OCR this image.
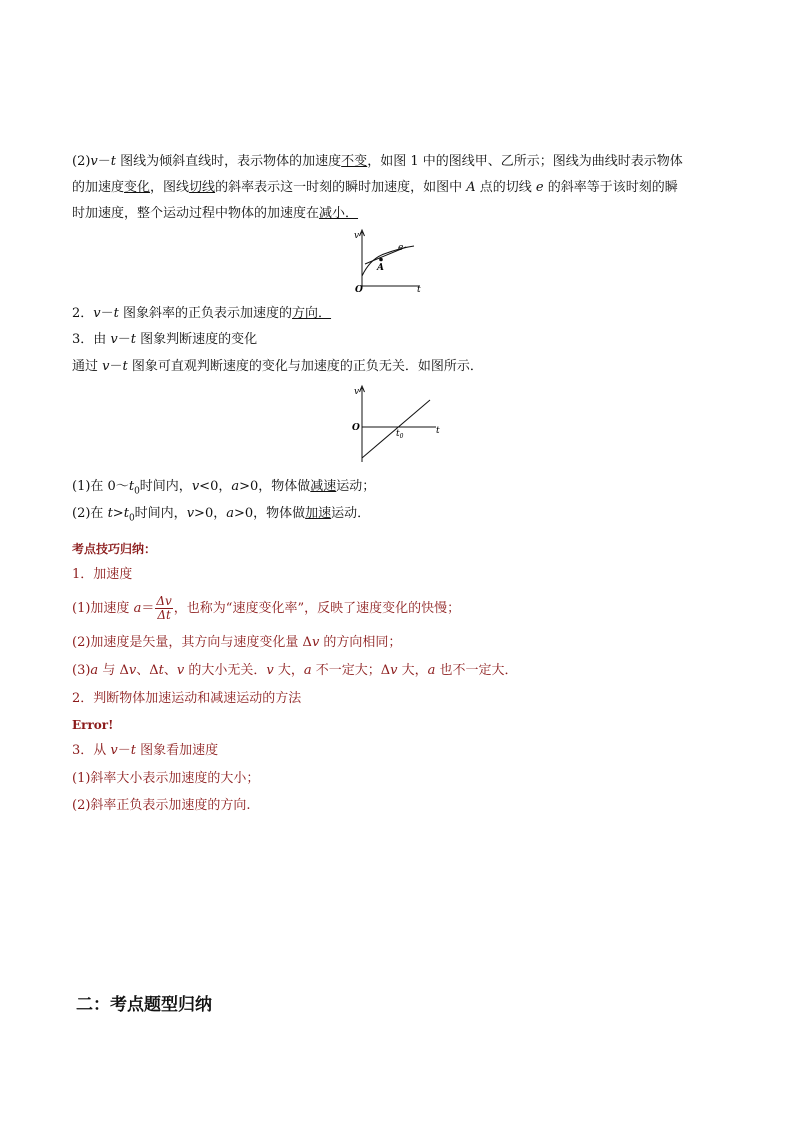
(2)v－t 图线为倾斜直线时，表示物体的加速度不变，如图 1 中的图线甲、乙所示；图线为曲线时表示物体
的加速度变化，图线切线的斜率表示这一时刻的瞬时加速度，如图中 A 点的切线 e 的斜率等于该时刻的瞬
时加速度，整个运动过程中物体的加速度在减小．
v
e
A
O	t
2．v－t 图象斜率的正负表示加速度的方向．
3．由 v－t 图象判断速度的变化
通过 v－t 图象可直观判断速度的变化与加速度的正负无关．如图所示．
v
O
$t_0$
t
(1)在 $0\sim t_0$时间内，v<0，a>0，物体做减速运动；
(2)在 $t>t_0$时间内，v>0，a>0，物体做加速运动．
考点技巧归纳：
1．加速度
(1)加速度 $a= \frac{\Delta v}{\Delta t}$ ，也称为“速度变化率”，反映了速度变化的快慢；
(2)加速度是矢量，其方向与速度变化量 Δv 的方向相同；
(3)a 与 Δv、Δt、v 的大小无关．v 大，a 不一定大；Δv 大，a 也不一定大．
2．判断物体加速运动和减速运动的方法
Error!
3．从 v－t 图象看加速度
(1)斜率大小表示加速度的大小；
(2)斜率正负表示加速度的方向.
二：考点题型归纳
